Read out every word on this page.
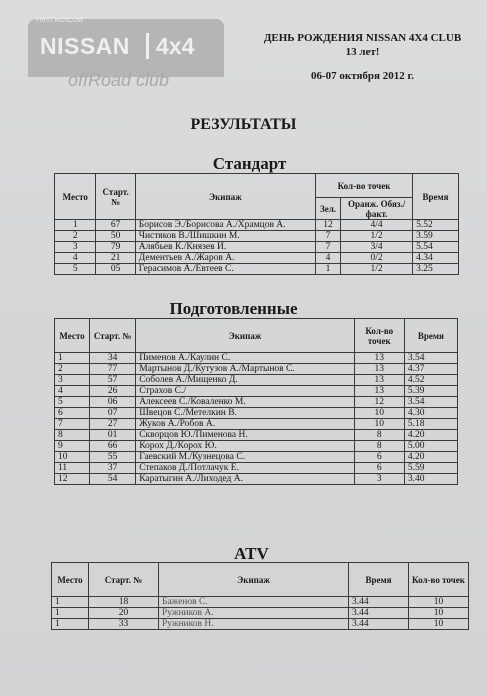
FIRST MOSCOW
NISSAN 4x4
offRoad club
ДЕНЬ РОЖДЕНИЯ NISSAN 4X4 CLUB
13 лет!
06-07 октября 2012 г.
РЕЗУЛЬТАТЫ
Стандарт
Место	Старт. №	Экипаж	Кол-во точек		Время
			Зел.	Оранж. Обяз./факт.	
1	67	Борисов Э./Борисова А./Храмцов А.	12	4/4	5.52
2	50	Чистяков В./Шишкин М.	7	1/2	3.59
3	79	Алябьев К./Князев И.	7	3/4	5.54
4	21	Дементьев А./Жаров А.	4	0/2	4.34
5	05	Герасимов А./Евтеев С.	1	1/2	3.25
Подготовленные
Место	Старт. №	Экипаж	Кол-во точек	Время
1	34	Пименов А./Каулин С.	13	3.54
2	77	Мартынов Д./Кутузов А./Мартынов С.	13	4.37
3	57	Соболев А./Мищенко Д.	13	4.52
4	26	Страхов С./	13	5.39
5	06	Алексеев С./Коваленко М.	12	3.54
6	07	Швецов С./Метелкин В.	10	4.30
7	27	Жуков А./Робов А.	10	5.18
8	01	Скворцов Ю./Пименова Н.	8	4.20
9	66	Корох Д./Корох Ю.	8	5.00
10	55	Гаевский М./Кузнецова С.	6	4.20
11	37	Степаков Д./Потлачук Е.	6	5.59
12	54	Каратыгин А./Лиходед А.	3	3.40
ATV
Место	Старт. №	Экипаж	Время	Кол-во точек
1	18	Баженов С.	3.44	10
1	20	Ружников А.	3.44	10
1	33	Ружников Н.	3.44	10
